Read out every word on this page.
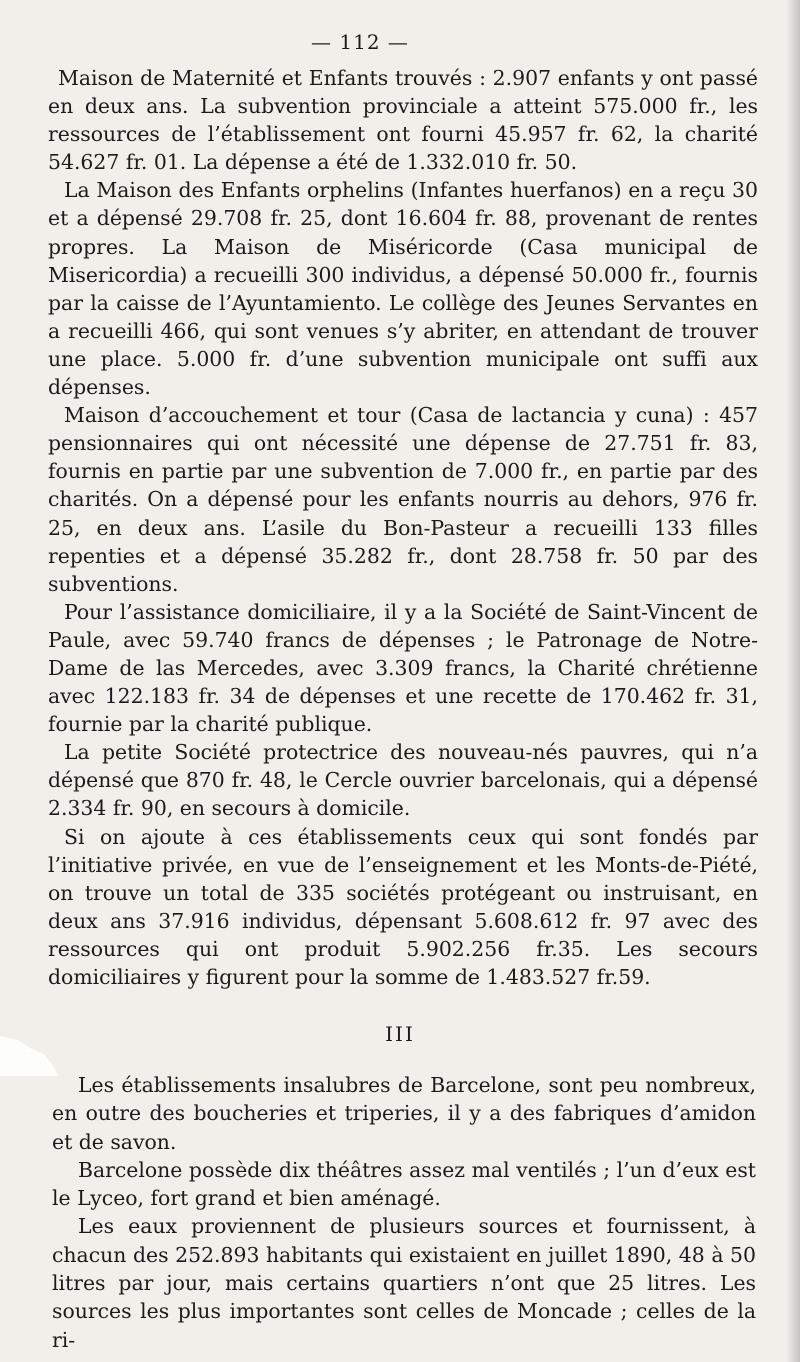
— 112 —

Maison de Maternité et Enfants trouvés : 2.907 enfants y ont passé en deux ans. La subvention provinciale a atteint 575.000 fr., les ressources de l’établissement ont fourni 45.957 fr. 62, la charité 54.627 fr. 01. La dépense a été de 1.332.010 fr. 50.

La Maison des Enfants orphelins (Infantes huerfanos) en a reçu 30 et a dépensé 29.708 fr. 25, dont 16.604 fr. 88, provenant de rentes propres. La Maison de Miséricorde (Casa municipal de Misericordia) a recueilli 300 individus, a dépensé 50.000 fr., fournis par la caisse de l’Ayuntamiento. Le collège des Jeunes Servantes en a recueilli 466, qui sont venues s’y abriter, en attendant de trouver une place. 5.000 fr. d’une subvention municipale ont suffi aux dépenses.

Maison d’accouchement et tour (Casa de lactancia y cuna) : 457 pensionnaires qui ont nécessité une dépense de 27.751 fr. 83, fournis en partie par une subvention de 7.000 fr., en partie par des charités. On a dépensé pour les enfants nourris au dehors, 976 fr. 25, en deux ans. L’asile du Bon-Pasteur a recueilli 133 filles repenties et a dépensé 35.282 fr., dont 28.758 fr. 50 par des subventions.

Pour l’assistance domiciliaire, il y a la Société de Saint-Vincent de Paule, avec 59.740 francs de dépenses ; le Patronage de Notre-Dame de las Mercedes, avec 3.309 francs, la Charité chrétienne avec 122.183 fr. 34 de dépenses et une recette de 170.462 fr. 31, fournie par la charité publique.

La petite Société protectrice des nouveau-nés pauvres, qui n’a dépensé que 870 fr. 48, le Cercle ouvrier barcelonais, qui a dépensé 2.334 fr. 90, en secours à domicile.

Si on ajoute à ces établissements ceux qui sont fondés par l’initiative privée, en vue de l’enseignement et les Monts-de-Piété, on trouve un total de 335 sociétés protégeant ou instruisant, en deux ans 37.916 individus, dépensant 5.608.612 fr. 97 avec des ressources qui ont produit 5.902.256 fr.35. Les secours domiciliaires y figurent pour la somme de 1.483.527 fr.59.

III

Les établissements insalubres de Barcelone, sont peu nombreux, en outre des boucheries et triperies, il y a des fabriques d’amidon et de savon.

Barcelone possède dix théâtres assez mal ventilés ; l’un d’eux est le Lyceo, fort grand et bien aménagé.

Les eaux proviennent de plusieurs sources et fournissent, à chacun des 252.893 habitants qui existaient en juillet 1890, 48 à 50 litres par jour, mais certains quartiers n’ont que 25 litres. Les sources les plus importantes sont celles de Moncade ; celles de la ri-
